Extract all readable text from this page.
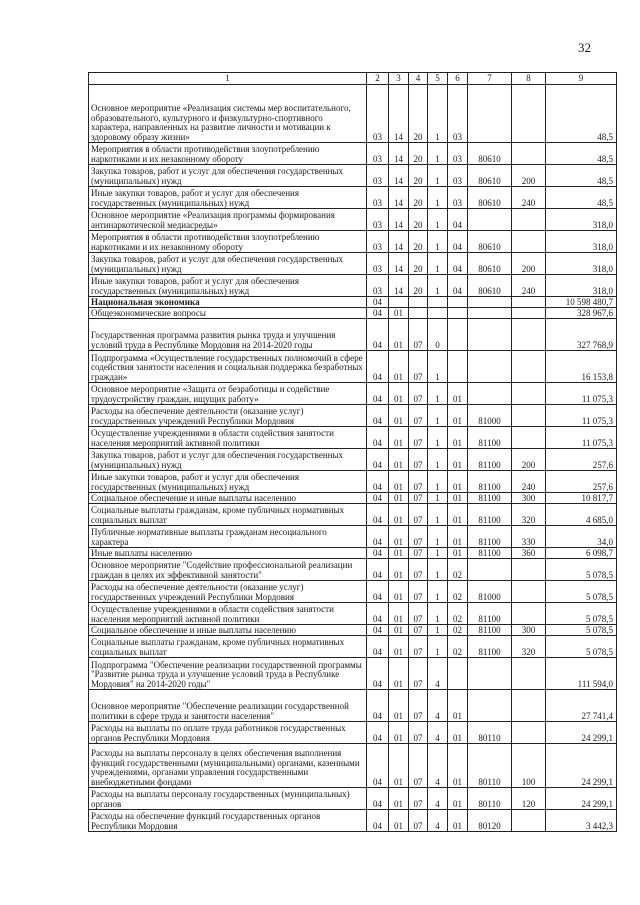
32
1	2	3	4	5	6	7	8	9
Основное мероприятие «Реализация системы мер воспитательного, образовательного, культурного и физкультурно-спортивного характера, направленных на развитие личности и мотивации к здоровому образу жизни»	03	14	20	1	03			48,5
Мероприятия в области противодействия злоупотреблению наркотиками и их незаконному обороту	03	14	20	1	03	80610		48,5
Закупка товаров, работ и услуг для обеспечения государственных (муниципальных) нужд	03	14	20	1	03	80610	200	48,5
Иные закупки товаров, работ и услуг для обеспечения государственных (муниципальных) нужд	03	14	20	1	03	80610	240	48,5
Основное мероприятие «Реализация программы формирования антинаркотической медиасреды»	03	14	20	1	04			318,0
Мероприятия в области противодействия злоупотреблению наркотиками и их незаконному обороту	03	14	20	1	04	80610		318,0
Закупка товаров, работ и услуг для обеспечения государственных (муниципальных) нужд	03	14	20	1	04	80610	200	318,0
Иные закупки товаров, работ и услуг для обеспечения государственных (муниципальных) нужд	03	14	20	1	04	80610	240	318,0
Национальная экономика	04							10 598 480,7
Общеэкономические вопросы	04	01						328 967,6
Государственная программа развития рынка труда и улучшения условий труда в Республике Мордовия на 2014-2020 годы	04	01	07	0				327 768,9
Подпрограмма «Осуществление государственных полномочий в сфере содействия занятости населения и социальная поддержка безработных граждан»	04	01	07	1				16 153,8
Основное мероприятие «Защита от безработицы и содействие трудоустройству граждан, ищущих работу»	04	01	07	1	01			11 075,3
Расходы на обеспечение деятельности (оказание услуг) государственных учреждений Республики Мордовия	04	01	07	1	01	81000		11 075,3
Осуществление учреждениями в области содействия занятости населения мероприятий активной политики	04	01	07	1	01	81100		11 075,3
Закупка товаров, работ и услуг для обеспечения государственных (муниципальных) нужд	04	01	07	1	01	81100	200	257,6
Иные закупки товаров, работ и услуг для обеспечения государственных (муниципальных) нужд	04	01	07	1	01	81100	240	257,6
Социальное обеспечение и иные выплаты населению	04	01	07	1	01	81100	300	10 817,7
Социальные выплаты гражданам, кроме публичных нормативных социальных выплат	04	01	07	1	01	81100	320	4 685,0
Публичные нормативные выплаты гражданам несоциального характера	04	01	07	1	01	81100	330	34,0
Иные выплаты населению	04	01	07	1	01	81100	360	6 098,7
Основное мероприятие "Содействие профессиональной реализации граждан в целях их эффективной занятости"	04	01	07	1	02			5 078,5
Расходы на обеспечение деятельности (оказание услуг) государственных учреждений Республики Мордовия	04	01	07	1	02	81000		5 078,5
Осуществление учреждениями в области содействия занятости населения мероприятий активной политики	04	01	07	1	02	81100		5 078,5
Социальное обеспечение и иные выплаты населению	04	01	07	1	02	81100	300	5 078,5
Социальные выплаты гражданам, кроме публичных нормативных социальных выплат	04	01	07	1	02	81100	320	5 078,5
Подпрограмма "Обеспечение реализации государственной программы "Развитие рынка труда и улучшение условий труда в Республике Мордовия" на 2014-2020 годы"	04	01	07	4				111 594,0
Основное мероприятие "Обеспечение реализации государственной политики в сфере труда и занятости населения"	04	01	07	4	01			27 741,4
Расходы на выплаты по оплате труда работников государственных органов Республики Мордовия	04	01	07	4	01	80110		24 299,1
Расходы на выплаты персоналу в целях обеспечения выполнения функций государственными (муниципальными) органами, казенными учреждениями, органами управления государственными внебюджетными фондами	04	01	07	4	01	80110	100	24 299,1
Расходы на выплаты персоналу государственных (муниципальных) органов	04	01	07	4	01	80110	120	24 299,1
Расходы на обеспечение функций государственных органов Республики Мордовия	04	01	07	4	01	80120		3 442,3
